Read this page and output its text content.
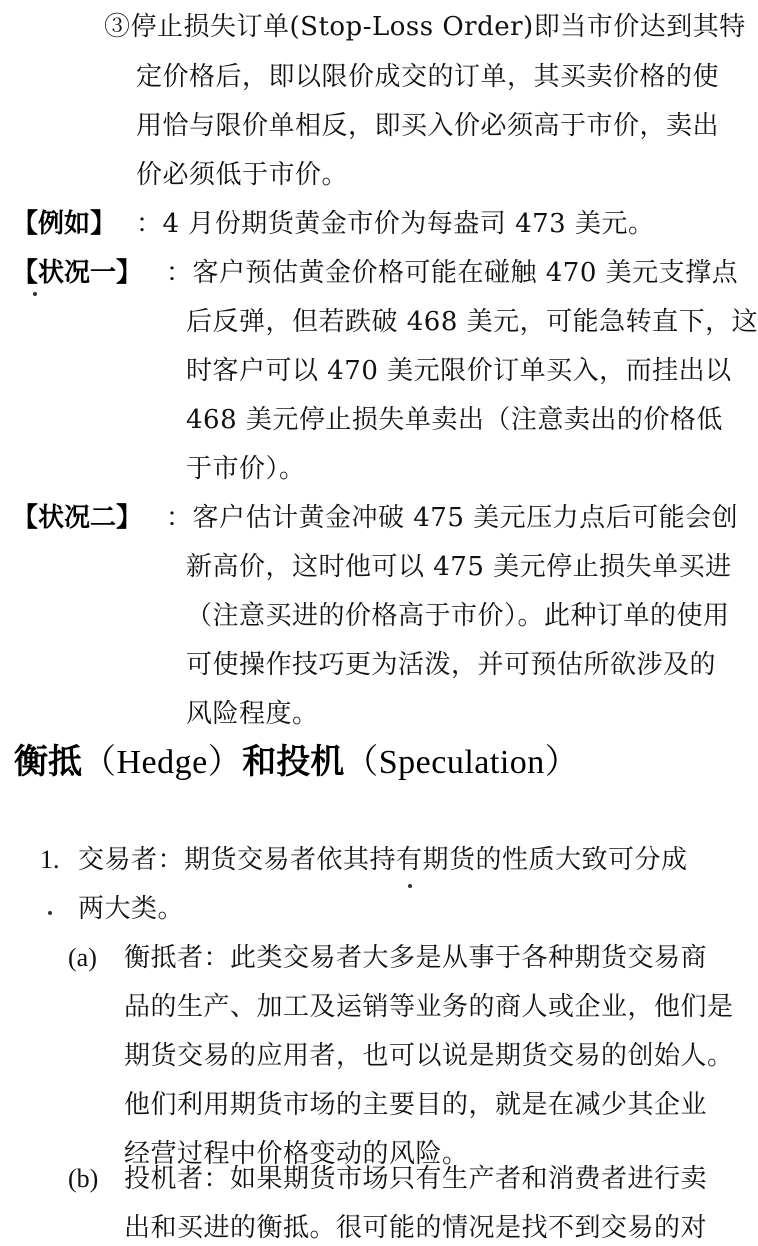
③停止损失订单(Stop-Loss Order)即当市价达到其特
定价格后，即以限价成交的订单，其买卖价格的使
用恰与限价单相反，即买入价必须高于市价，卖出
价必须低于市价。
【例如】 ：4 月份期货黄金市价为每盎司 473 美元。
【状况一】 ：客户预估黄金价格可能在碰触 470 美元支撑点
后反弹，但若跌破 468 美元，可能急转直下，这
时客户可以 470 美元限价订单买入，而挂出以
468 美元停止损失单卖出（注意卖出的价格低
于市价）。
【状况二】 ：客户估计黄金冲破 475 美元压力点后可能会创
新高价，这时他可以 475 美元停止损失单买进
（注意买进的价格高于市价）。此种订单的使用
可使操作技巧更为活泼，并可预估所欲涉及的
风险程度。
衡抵（Hedge）和投机（Speculation）
1. 交易者：期货交易者依其持有期货的性质大致可分成
两大类。
(a) 衡抵者：此类交易者大多是从事于各种期货交易商
品的生产、加工及运销等业务的商人或企业，他们是
期货交易的应用者，也可以说是期货交易的创始人。
他们利用期货市场的主要目的，就是在减少其企业
经营过程中价格变动的风险。
(b) 投机者：如果期货市场只有生产者和消费者进行卖
出和买进的衡抵。很可能的情况是找不到交易的对
